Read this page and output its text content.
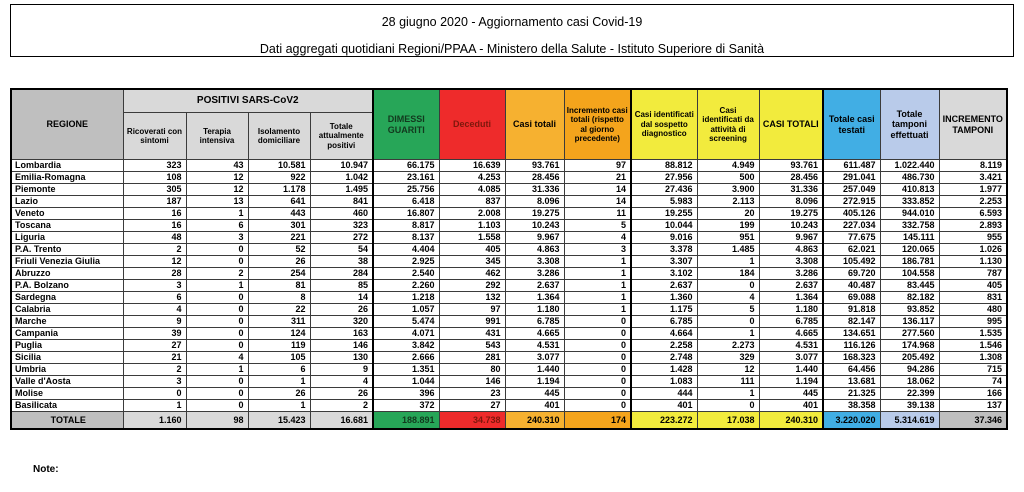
28 giugno 2020 - Aggiornamento casi Covid-19
Dati aggregati quotidiani Regioni/PPAA - Ministero della Salute - Istituto Superiore di Sanità
REGIONE	POSITIVI SARS-CoV2				DIMESSI GUARITI	Deceduti	Casi totali	Incremento casi totali (rispetto al giorno precedente)	Casi identificati dal sospetto diagnostico	Casi identificati da attività di screening	CASI TOTALI	Totale casi testati	Totale tamponi effettuati	INCREMENTO TAMPONI
	Ricoverati con sintomi	Terapia intensiva	Isolamento domiciliare	Totale attualmente positivi										
Lombardia	323	43	10.581	10.947	66.175	16.639	93.761	97	88.812	4.949	93.761	611.487	1.022.440	8.119
Emilia-Romagna	108	12	922	1.042	23.161	4.253	28.456	21	27.956	500	28.456	291.041	486.730	3.421
Piemonte	305	12	1.178	1.495	25.756	4.085	31.336	14	27.436	3.900	31.336	257.049	410.813	1.977
Lazio	187	13	641	841	6.418	837	8.096	14	5.983	2.113	8.096	272.915	333.852	2.253
Veneto	16	1	443	460	16.807	2.008	19.275	11	19.255	20	19.275	405.126	944.010	6.593
Toscana	16	6	301	323	8.817	1.103	10.243	5	10.044	199	10.243	227.034	332.758	2.893
Liguria	48	3	221	272	8.137	1.558	9.967	4	9.016	951	9.967	77.675	145.111	955
P.A. Trento	2	0	52	54	4.404	405	4.863	3	3.378	1.485	4.863	62.021	120.065	1.026
Friuli Venezia Giulia	12	0	26	38	2.925	345	3.308	1	3.307	1	3.308	105.492	186.781	1.130
Abruzzo	28	2	254	284	2.540	462	3.286	1	3.102	184	3.286	69.720	104.558	787
P.A. Bolzano	3	1	81	85	2.260	292	2.637	1	2.637	0	2.637	40.487	83.445	405
Sardegna	6	0	8	14	1.218	132	1.364	1	1.360	4	1.364	69.088	82.182	831
Calabria	4	0	22	26	1.057	97	1.180	1	1.175	5	1.180	91.818	93.852	480
Marche	9	0	311	320	5.474	991	6.785	0	6.785	0	6.785	82.147	136.117	995
Campania	39	0	124	163	4.071	431	4.665	0	4.664	1	4.665	134.651	277.560	1.535
Puglia	27	0	119	146	3.842	543	4.531	0	2.258	2.273	4.531	116.126	174.968	1.546
Sicilia	21	4	105	130	2.666	281	3.077	0	2.748	329	3.077	168.323	205.492	1.308
Umbria	2	1	6	9	1.351	80	1.440	0	1.428	12	1.440	64.456	94.286	715
Valle d'Aosta	3	0	1	4	1.044	146	1.194	0	1.083	111	1.194	13.681	18.062	74
Molise	0	0	26	26	396	23	445	0	444	1	445	21.325	22.399	166
Basilicata	1	0	1	2	372	27	401	0	401	0	401	38.358	39.138	137
TOTALE	1.160	98	15.423	16.681	188.891	34.738	240.310	174	223.272	17.038	240.310	3.220.020	5.314.619	37.346
Note:
